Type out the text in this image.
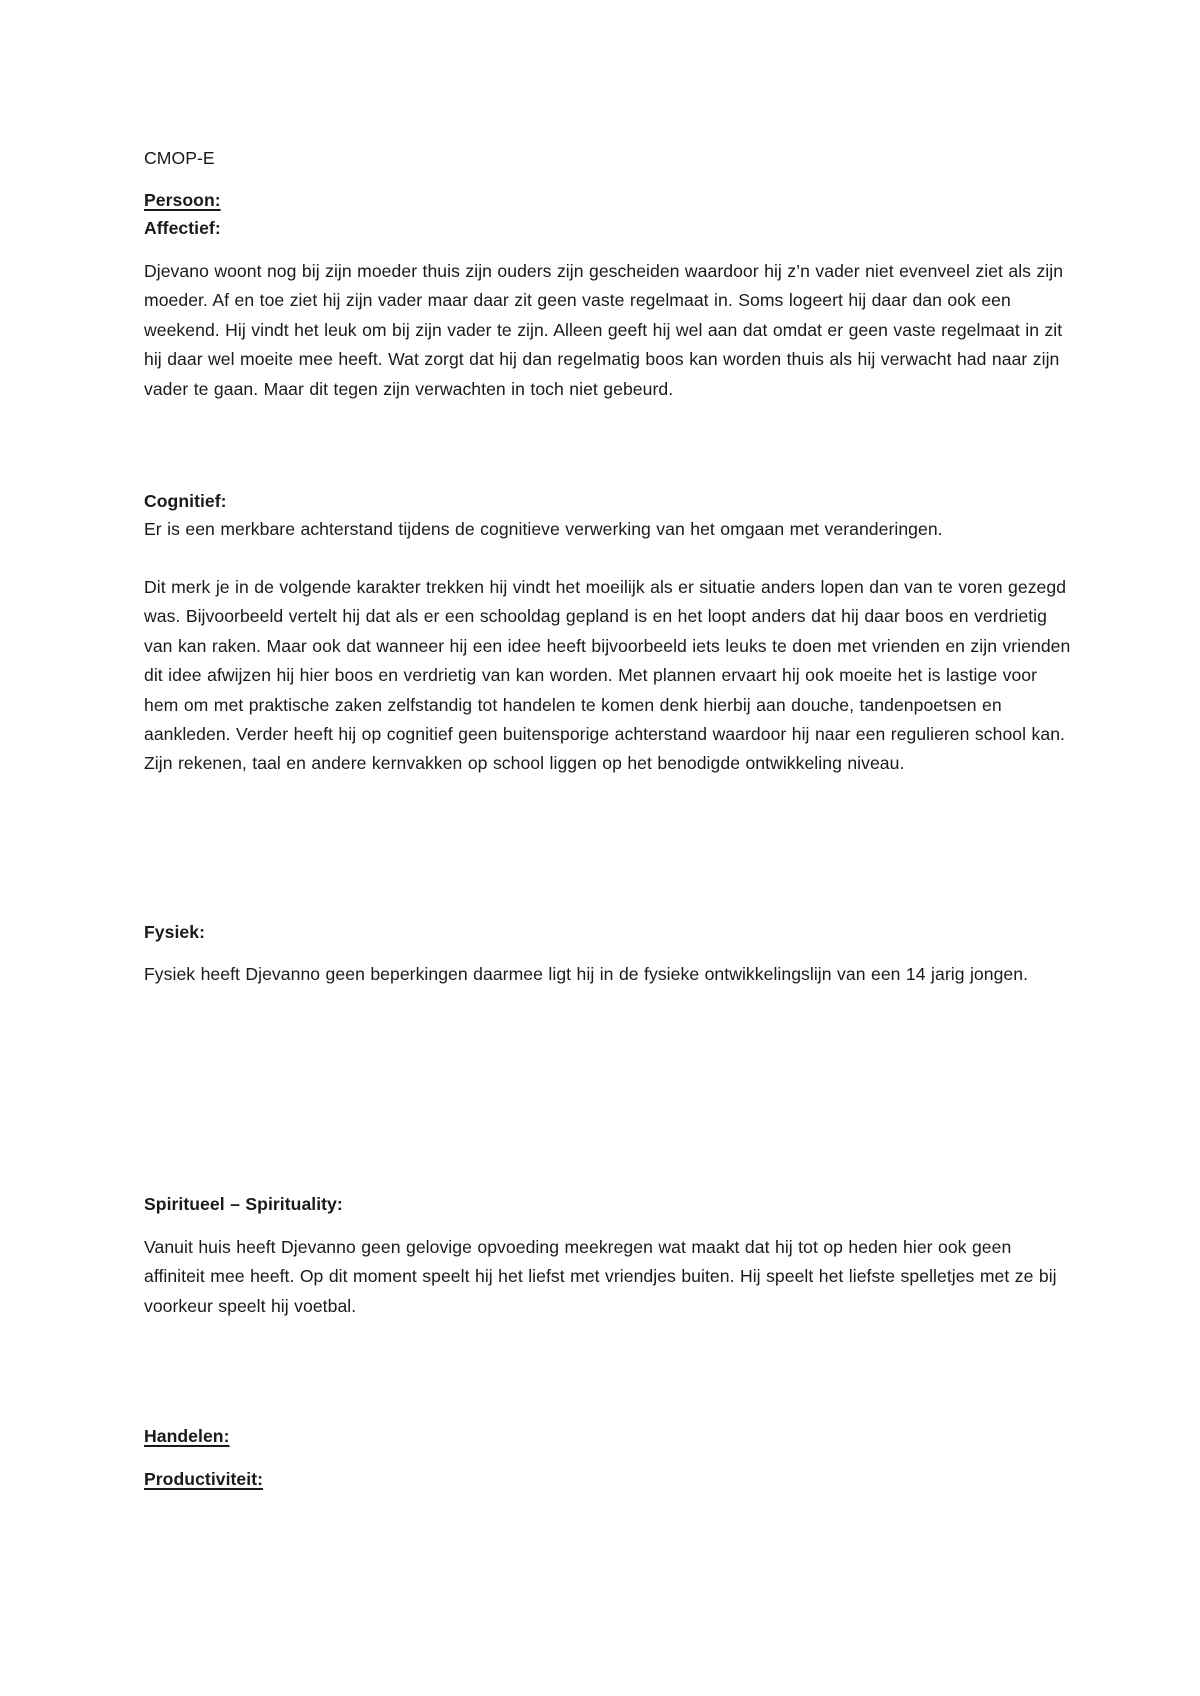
CMOP-E

Persoon:

Affectief:

Djevano woont nog bij zijn moeder thuis zijn ouders zijn gescheiden waardoor hij z’n vader niet evenveel ziet als zijn moeder. Af en toe ziet hij zijn vader maar daar zit geen vaste regelmaat in. Soms logeert hij daar dan ook een weekend. Hij vindt het leuk om bij zijn vader te zijn. Alleen geeft hij wel aan dat omdat er geen vaste regelmaat in zit hij daar wel moeite mee heeft. Wat zorgt dat hij dan regelmatig boos kan worden thuis als hij verwacht had naar zijn vader te gaan. Maar dit tegen zijn verwachten in toch niet gebeurd.

Cognitief:

Er is een merkbare achterstand tijdens de cognitieve verwerking van het omgaan met veranderingen.

Dit merk je in de volgende karakter trekken hij vindt het moeilijk als er situatie anders lopen dan van te voren gezegd was. Bijvoorbeeld vertelt hij dat als er een schooldag gepland is en het loopt anders dat hij daar boos en verdrietig van kan raken. Maar ook dat wanneer hij een idee heeft bijvoorbeeld iets leuks te doen met vrienden en zijn vrienden dit idee afwijzen hij hier boos en verdrietig van kan worden. Met plannen ervaart hij ook moeite het is lastige voor hem om met praktische zaken zelfstandig tot handelen te komen denk hierbij aan douche, tandenpoetsen en aankleden. Verder heeft hij op cognitief geen buitensporige achterstand waardoor hij naar een regulieren school kan. Zijn rekenen, taal en andere kernvakken op school liggen op het benodigde ontwikkeling niveau.

Fysiek:

Fysiek heeft Djevanno geen beperkingen daarmee ligt hij in de fysieke ontwikkelingslijn van een 14 jarig jongen.

Spiritueel – Spirituality:

Vanuit huis heeft Djevanno geen gelovige opvoeding meekregen wat maakt dat hij tot op heden hier ook geen affiniteit mee heeft. Op dit moment speelt hij het liefst met vriendjes buiten. Hij speelt het liefste spelletjes met ze bij voorkeur speelt hij voetbal.

Handelen:

Productiviteit:
